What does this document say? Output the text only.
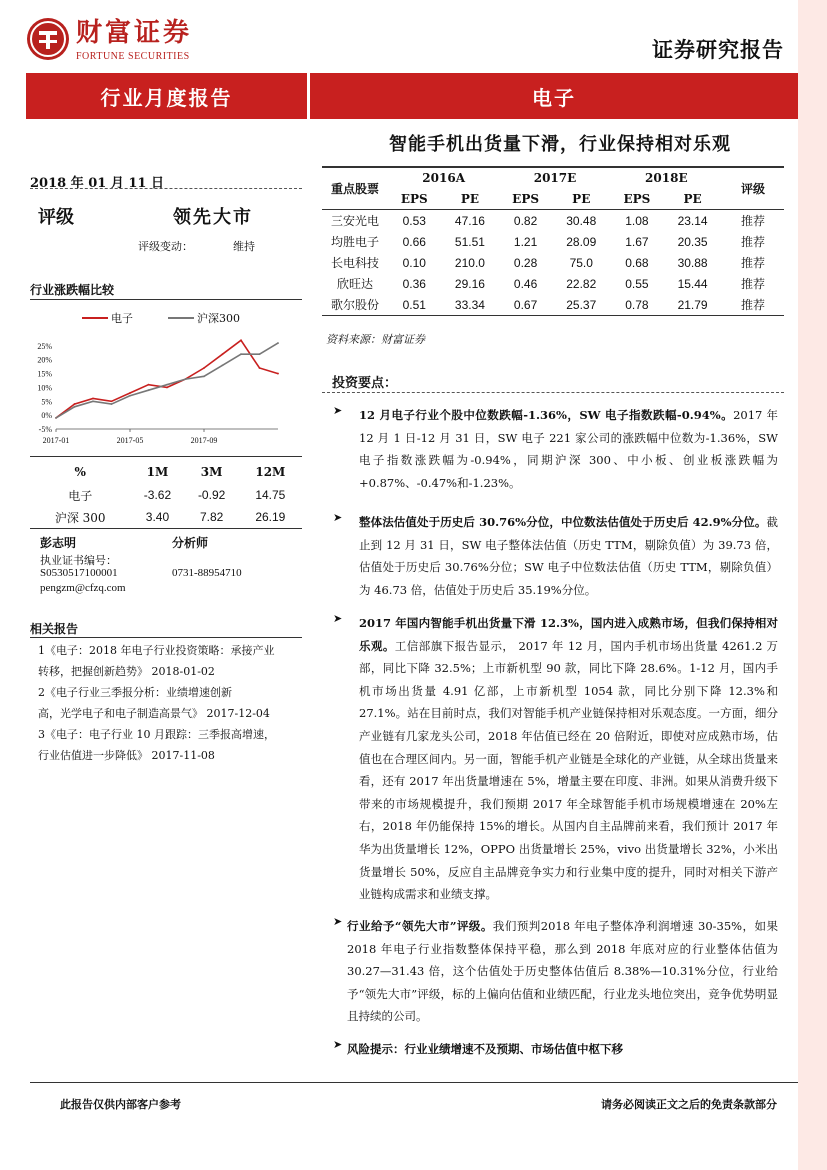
财富证券
FORTUNE SECURITIES	证券研究报告
行业月度报告	电子
智能手机出货量下滑，行业保持相对乐观
2018 年 01 月 11 日
评级	领先大市
评级变动：	维持
行业涨跌幅比较
电子	沪深300
25%
20%
15%
10%
5%
0%
-5%
2017-01	2017-05	2017-09
%	1M	3M	12M
电子	-3.62	-0.92	14.75
沪深 300	3.40	7.82	26.19
彭志明	分析师
执业证书编号：
S0530517100001	0731-88954710
pengzm@cfzq.com
相关报告
1《电子：2018 年电子行业投资策略：承接产业
转移，把握创新趋势》 2018-01-02
2《电子行业三季报分析：业绩增速创新
高，光学电子和电子制造高景气》 2017-12-04
3《电子：电子行业 10 月跟踪：三季报高增速，
行业估值进一步降低》 2017-11-08
重点股票	2016A		2017E		2018E		评级
	EPS	PE	EPS	PE	EPS	PE	
三安光电	0.53	47.16	0.82	30.48	1.08	23.14	推荐
均胜电子	0.66	51.51	1.21	28.09	1.67	20.35	推荐
长电科技	0.10	210.0	0.28	75.0	0.68	30.88	推荐
欣旺达	0.36	29.16	0.46	22.82	0.55	15.44	推荐
歌尔股份	0.51	33.34	0.67	25.37	0.78	21.79	推荐
资料来源：财富证券
投资要点：
➤ 12 月电子行业个股中位数跌幅-1.36%，SW 电子指数跌幅-0.94%。2017 年 12 月 1 日-12 月 31 日，SW 电子 221 家公司的涨跌幅中位数为-1.36%，SW 电子指数涨跌幅为-0.94%，同期沪深 300、中小板、创业板涨跌幅为+0.87%、-0.47%和-1.23%。
➤ 整体法估值处于历史后 30.76%分位，中位数法估值处于历史后 42.9%分位。截止到 12 月 31 日，SW 电子整体法估值（历史 TTM，剔除负值）为 39.73 倍，估值处于历史后 30.76%分位；SW 电子中位数法估值（历史 TTM，剔除负值）为 46.73 倍，估值处于历史后 35.19%分位。
➤ 2017 年国内智能手机出货量下滑 12.3%，国内进入成熟市场，但我们保持相对乐观。工信部旗下报告显示， 2017 年 12 月，国内手机市场出货量 4261.2 万部，同比下降 32.5%；上市新机型 90 款，同比下降 28.6%。1-12 月，国内手机市场出货量 4.91 亿部，上市新机型 1054 款，同比分别下降 12.3%和 27.1%。站在目前时点，我们对智能手机产业链保持相对乐观态度。一方面，细分产业链有几家龙头公司，2018 年估值已经在 20 倍附近，即使对应成熟市场，估值也在合理区间内。另一面，智能手机产业链是全球化的产业链，从全球出货量来看，还有 2017 年出货量增速在 5%，增量主要在印度、非洲。如果从消费升级下带来的市场规模提升，我们预期 2017 年全球智能手机市场规模增速在 20%左右，2018 年仍能保持 15%的增长。从国内自主品牌前来看，我们预计 2017 年华为出货量增长 12%，OPPO 出货量增长 25%，vivo 出货量增长 32%，小米出货量增长 50%，反应自主品牌竞争实力和行业集中度的提升，同时对相关下游产业链构成需求和业绩支撑。
➤ 行业给予“领先大市”评级。我们预判2018 年电子整体净利润增速 30-35%，如果 2018 年电子行业指数整体保持平稳，那么到 2018 年底对应的行业整体估值为 30.27—31.43 倍，这个估值处于历史整体估值后 8.38%—10.31%分位，行业给予“领先大市”评级，标的上偏向估值和业绩匹配，行业龙头地位突出，竞争优势明显且持续的公司。
➤ 风险提示：行业业绩增速不及预期、市场估值中枢下移
此报告仅供内部客户参考	请务必阅读正文之后的免责条款部分
